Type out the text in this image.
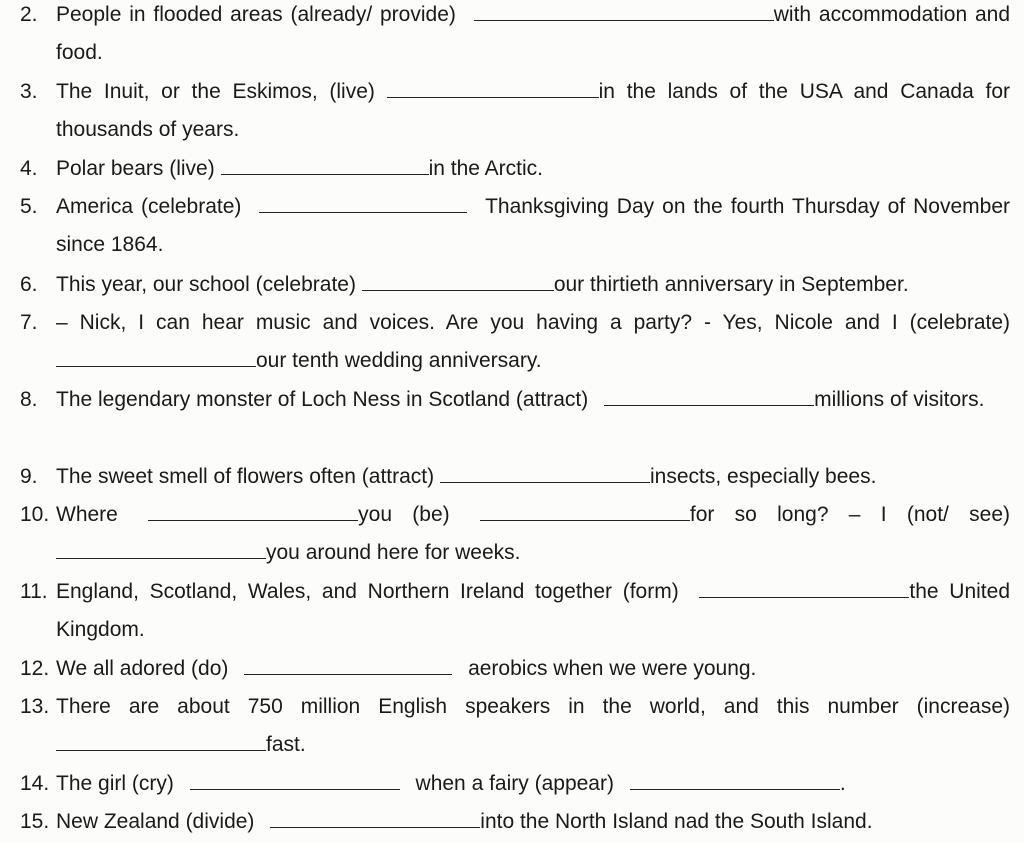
2. People in flooded areas (already/ provide)	with accommodation and food.
3. The Inuit, or the Eskimos, (live)	in the lands of the USA and Canada for thousands of years.
4. Polar bears (live)	in the Arctic.
5. America (celebrate)	Thanksgiving Day on the fourth Thursday of November since 1864.
6. This year, our school (celebrate)	our thirtieth anniversary in September.
7. – Nick, I can hear music and voices. Are you having a party? - Yes, Nicole and I (celebrate) our tenth wedding anniversary.
8. The legendary monster of Loch Ness in Scotland (attract)	millions of visitors.
9. The sweet smell of flowers often (attract)	insects, especially bees.
10. Where	you (be)	for so long? – I (not/ see) you around here for weeks.
11. England, Scotland, Wales, and Northern Ireland together (form)	the United Kingdom.
12. We all adored (do)	aerobics when we were young.
13. There are about 750 million English speakers in the world, and this number (increase) fast.
14. The girl (cry)	when a fairy (appear)	.
15. New Zealand (divide)	into the North Island nad the South Island.
